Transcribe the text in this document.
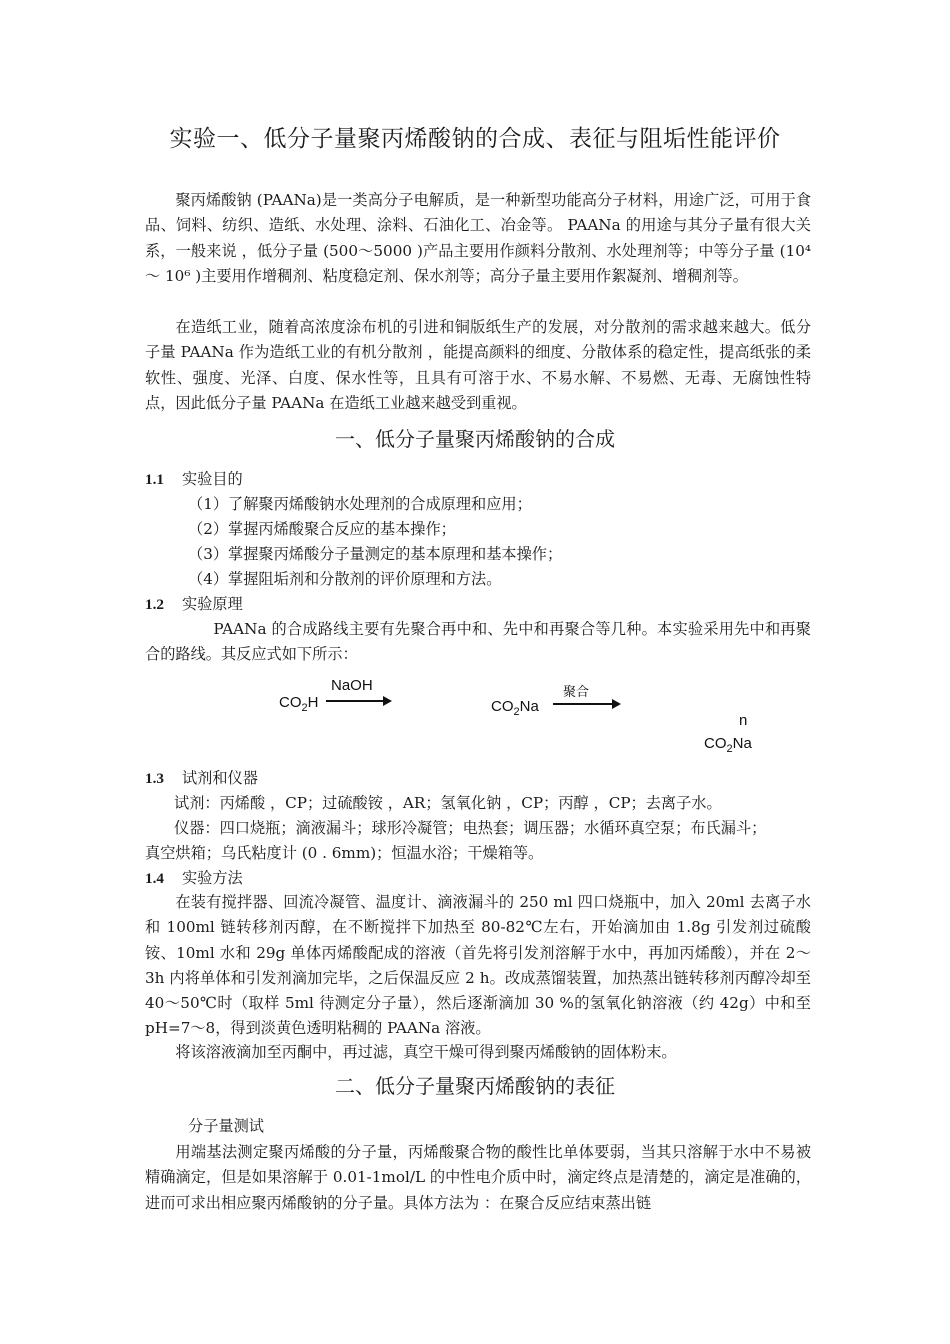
实验一、低分子量聚丙烯酸钠的合成、表征与阻垢性能评价

聚丙烯酸钠 (PAANa)是一类高分子电解质，是一种新型功能高分子材料，用途广泛，可用于食品、饲料、纺织、造纸、水处理、涂料、石油化工、冶金等。 PAANa 的用途与其分子量有很大关系，一般来说 ，低分子量 (500～5000 )产品主要用作颜料分散剂、水处理剂等；中等分子量 (10⁴～ 10⁶ )主要用作增稠剂、粘度稳定剂、保水剂等；高分子量主要用作絮凝剂、增稠剂等。

在造纸工业，随着高浓度涂布机的引进和铜版纸生产的发展，对分散剂的需求越来越大。低分子量 PAANa 作为造纸工业的有机分散剂 ，能提高颜料的细度、分散体系的稳定性，提高纸张的柔软性、强度、光泽、白度、保水性等，且具有可溶于水、不易水解、不易燃、无毒、无腐蚀性特点，因此低分子量 PAANa 在造纸工业越来越受到重视。

一、低分子量聚丙烯酸钠的合成
1.1 实验目的
（1）了解聚丙烯酸钠水处理剂的合成原理和应用；
（2）掌握丙烯酸聚合反应的基本操作；
（3）掌握聚丙烯酸分子量测定的基本原理和基本操作；
（4）掌握阻垢剂和分散剂的评价原理和方法。
1.2 实验原理

PAANa 的合成路线主要有先聚合再中和、先中和再聚合等几种。本实验采用先中和再聚合的路线。其反应式如下所示：

$CO_2H$
NaOH
$CO_2Na$
聚合
n
$CO_2Na$
1.3 试剂和仪器
试剂：丙烯酸 ，CP；过硫酸铵 ，AR；氢氧化钠 ，CP；丙醇 ，CP；去离子水。
仪器：四口烧瓶；滴液漏斗；球形冷凝管；电热套；调压器；水循环真空泵；布氏漏斗；
真空烘箱；乌氏粘度计 (0 . 6mm)；恒温水浴；干燥箱等。
1.4 实验方法

在装有搅拌器、回流冷凝管、温度计、滴液漏斗的 250 ml 四口烧瓶中，加入 20ml 去离子水和 100ml 链转移剂丙醇，在不断搅拌下加热至 80-82℃左右，开始滴加由 1.8g 引发剂过硫酸铵、10ml 水和 29g 单体丙烯酸配成的溶液（首先将引发剂溶解于水中，再加丙烯酸），并在 2～3h 内将单体和引发剂滴加完毕，之后保温反应 2 h。改成蒸馏装置，加热蒸出链转移剂丙醇冷却至 40～50℃时（取样 5ml 待测定分子量），然后逐渐滴加 30 %的氢氧化钠溶液（约 42g）中和至 pH=7～8，得到淡黄色透明粘稠的 PAANa 溶液。

将该溶液滴加至丙酮中，再过滤，真空干燥可得到聚丙烯酸钠的固体粉末。

二、低分子量聚丙烯酸钠的表征
分子量测试

用端基法测定聚丙烯酸的分子量，丙烯酸聚合物的酸性比单体要弱，当其只溶解于水中不易被精确滴定，但是如果溶解于 0.01-1mol/L 的中性电介质中时，滴定终点是清楚的，滴定是准确的，进而可求出相应聚丙烯酸钠的分子量。具体方法为 ：在聚合反应结束蒸出链
